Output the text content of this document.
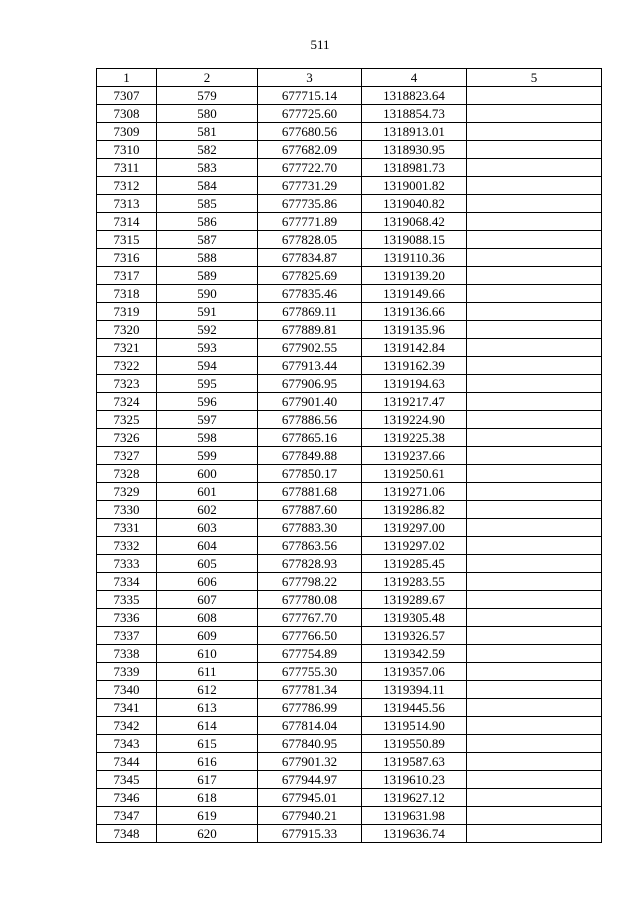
511
1	2	3	4	5
7307	579	677715.14	1318823.64	
7308	580	677725.60	1318854.73	
7309	581	677680.56	1318913.01	
7310	582	677682.09	1318930.95	
7311	583	677722.70	1318981.73	
7312	584	677731.29	1319001.82	
7313	585	677735.86	1319040.82	
7314	586	677771.89	1319068.42	
7315	587	677828.05	1319088.15	
7316	588	677834.87	1319110.36	
7317	589	677825.69	1319139.20	
7318	590	677835.46	1319149.66	
7319	591	677869.11	1319136.66	
7320	592	677889.81	1319135.96	
7321	593	677902.55	1319142.84	
7322	594	677913.44	1319162.39	
7323	595	677906.95	1319194.63	
7324	596	677901.40	1319217.47	
7325	597	677886.56	1319224.90	
7326	598	677865.16	1319225.38	
7327	599	677849.88	1319237.66	
7328	600	677850.17	1319250.61	
7329	601	677881.68	1319271.06	
7330	602	677887.60	1319286.82	
7331	603	677883.30	1319297.00	
7332	604	677863.56	1319297.02	
7333	605	677828.93	1319285.45	
7334	606	677798.22	1319283.55	
7335	607	677780.08	1319289.67	
7336	608	677767.70	1319305.48	
7337	609	677766.50	1319326.57	
7338	610	677754.89	1319342.59	
7339	611	677755.30	1319357.06	
7340	612	677781.34	1319394.11	
7341	613	677786.99	1319445.56	
7342	614	677814.04	1319514.90	
7343	615	677840.95	1319550.89	
7344	616	677901.32	1319587.63	
7345	617	677944.97	1319610.23	
7346	618	677945.01	1319627.12	
7347	619	677940.21	1319631.98	
7348	620	677915.33	1319636.74	
